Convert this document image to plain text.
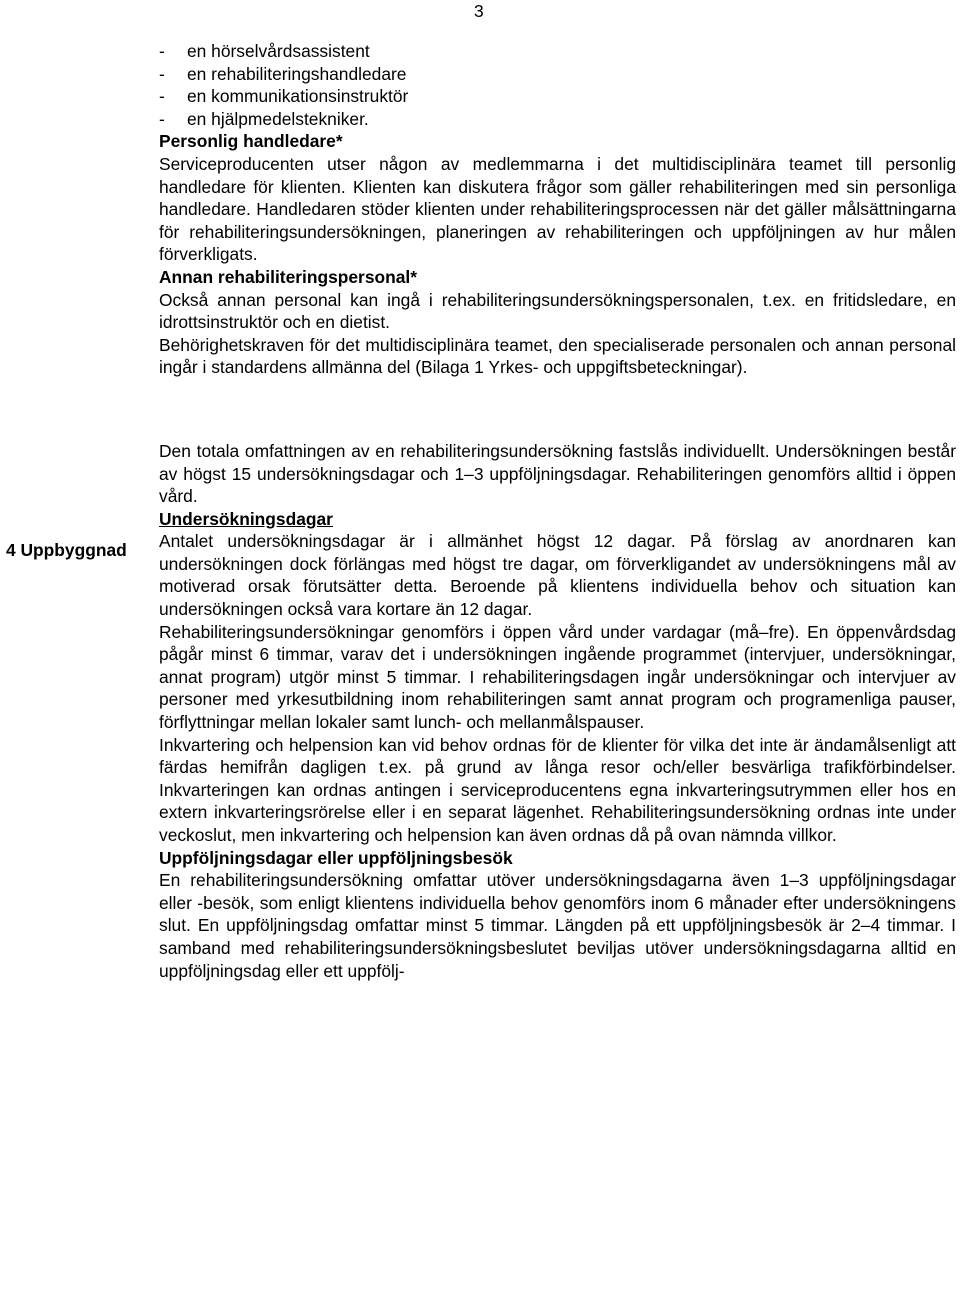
3
4 Uppbyggnad
-	en hörselvårdsassistent
-	en rehabiliteringshandledare
-	en kommunikationsinstruktör
-	en hjälpmedelstekniker.
Personlig handledare*

Serviceproducenten utser någon av medlemmarna i det multidisciplinära teamet till personlig handledare för klienten. Klienten kan diskutera frågor som gäller rehabiliteringen med sin personliga handledare. Handledaren stöder klienten under rehabiliteringsprocessen när det gäller målsättningarna för rehabiliteringsundersökningen, planeringen av rehabiliteringen och uppföljningen av hur målen förverkligats.

Annan rehabiliteringspersonal*

Också annan personal kan ingå i rehabiliteringsundersökningspersonalen, t.ex. en fritidsledare, en idrottsinstruktör och en dietist.

Behörighetskraven för det multidisciplinära teamet, den specialiserade personalen och annan personal ingår i standardens allmänna del (Bilaga 1 Yrkes- och uppgiftsbeteckningar).

Den totala omfattningen av en rehabiliteringsundersökning fastslås individuellt. Undersökningen består av högst 15 undersökningsdagar och 1–3 uppföljningsdagar. Rehabiliteringen genomförs alltid i öppen vård.

Undersökningsdagar

Antalet undersökningsdagar är i allmänhet högst 12 dagar. På förslag av anordnaren kan undersökningen dock förlängas med högst tre dagar, om förverkligandet av undersökningens mål av motiverad orsak förutsätter detta. Beroende på klientens individuella behov och situation kan undersökningen också vara kortare än 12 dagar.

Rehabiliteringsundersökningar genomförs i öppen vård under vardagar (må–fre). En öppenvårdsdag pågår minst 6 timmar, varav det i undersökningen ingående programmet (intervjuer, undersökningar, annat program) utgör minst 5 timmar. I rehabiliteringsdagen ingår undersökningar och intervjuer av personer med yrkesutbildning inom rehabiliteringen samt annat program och programenliga pauser, förflyttningar mellan lokaler samt lunch- och mellanmålspauser.

Inkvartering och helpension kan vid behov ordnas för de klienter för vilka det inte är ändamålsenligt att färdas hemifrån dagligen t.ex. på grund av långa resor och/eller besvärliga trafikförbindelser. Inkvarteringen kan ordnas antingen i serviceproducentens egna inkvarteringsutrymmen eller hos en extern inkvarteringsrörelse eller i en separat lägenhet. Rehabiliteringsundersökning ordnas inte under veckoslut, men inkvartering och helpension kan även ordnas då på ovan nämnda villkor.

Uppföljningsdagar eller uppföljningsbesök

En rehabiliteringsundersökning omfattar utöver undersökningsdagarna även 1–3 uppföljningsdagar eller -besök, som enligt klientens individuella behov genomförs inom 6 månader efter undersökningens slut. En uppföljningsdag omfattar minst 5 timmar. Längden på ett uppföljningsbesök är 2–4 timmar. I samband med rehabiliteringsundersökningsbeslutet beviljas utöver undersökningsdagarna alltid en uppföljningsdag eller ett uppfölj-
